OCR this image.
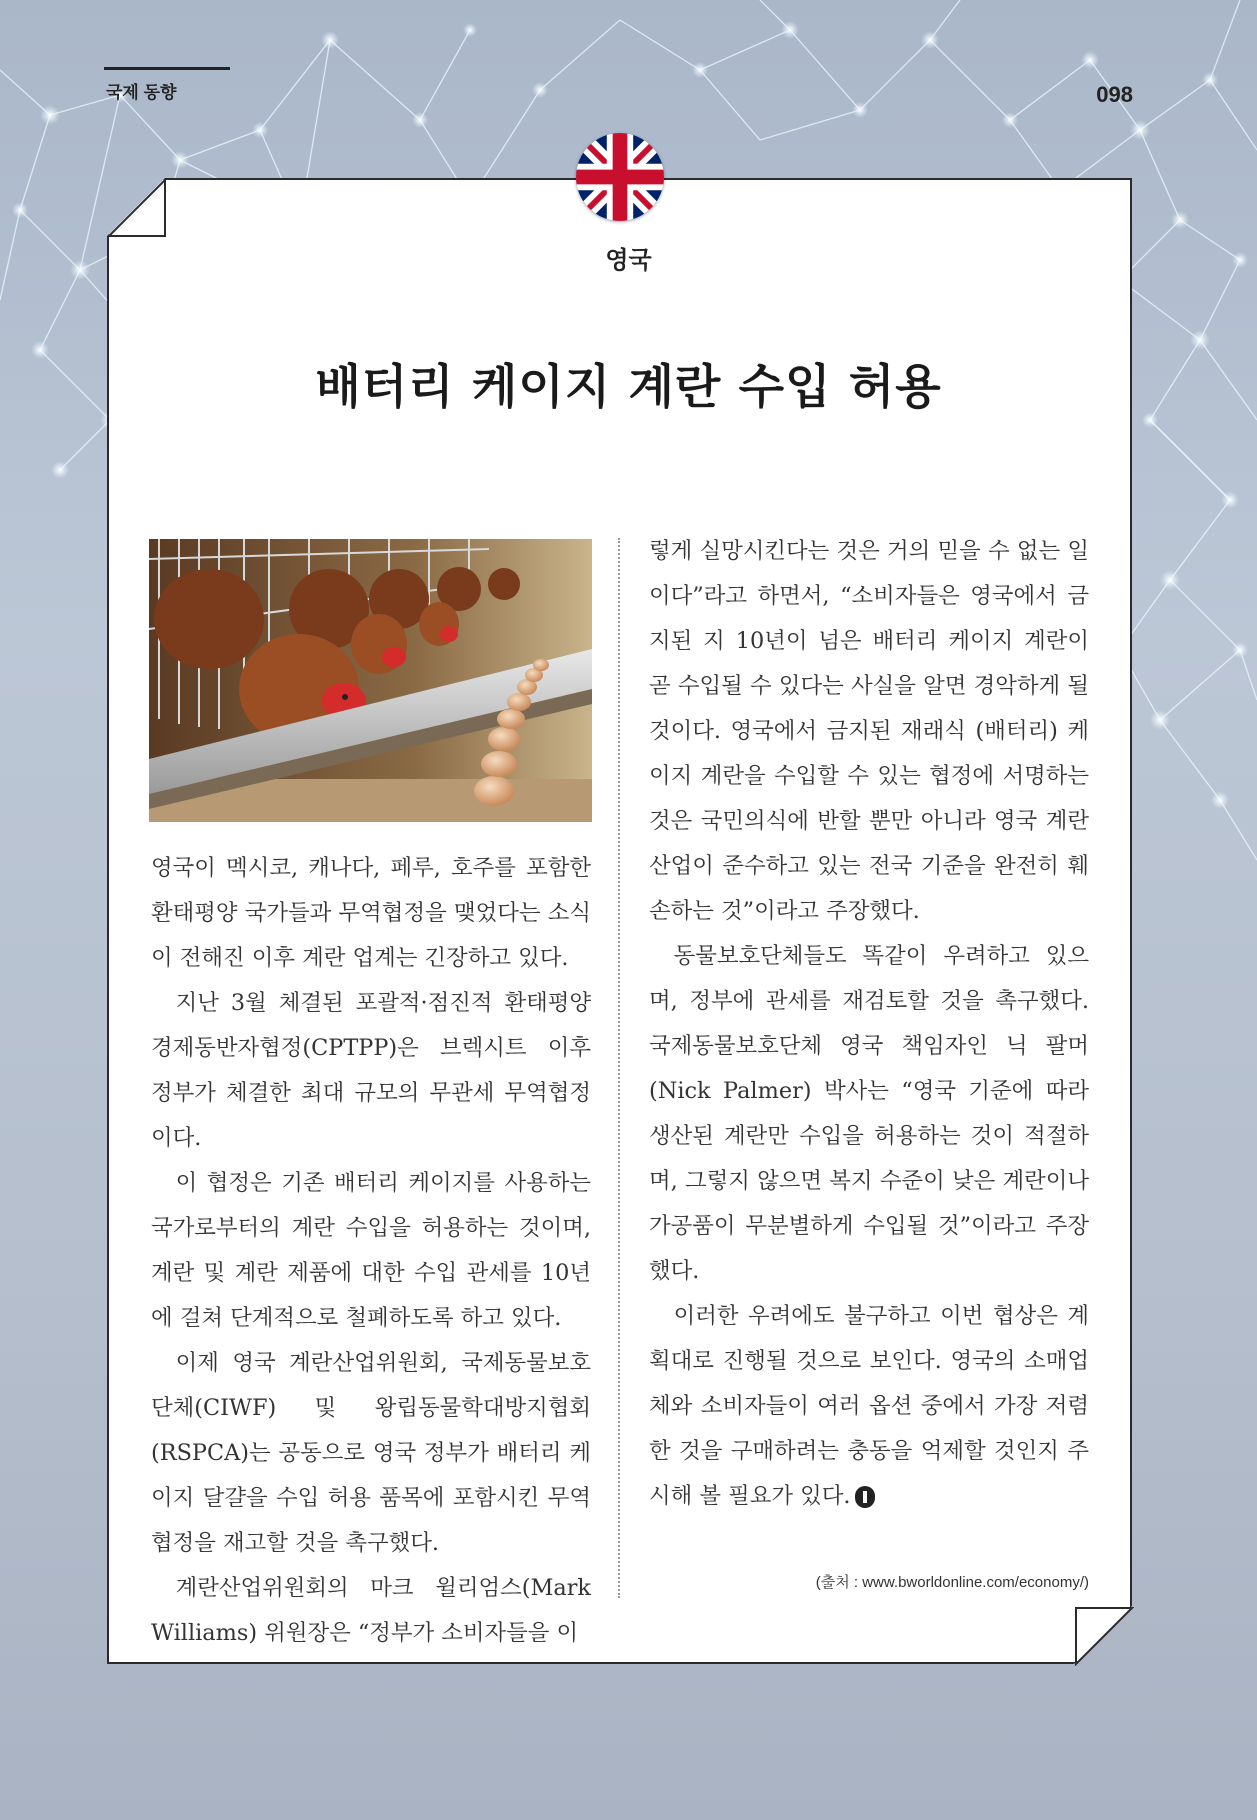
국제 동향	098
영국
배터리 케이지 계란 수입 허용

영국이 멕시코, 캐나다, 페루, 호주를 포함한 환태평양 국가들과 무역협정을 맺었다는 소식이 전해진 이후 계란 업계는 긴장하고 있다.

지난 3월 체결된 포괄적·점진적 환태평양경제동반자협정(CPTPP)은 브렉시트 이후 정부가 체결한 최대 규모의 무관세 무역협정이다.

이 협정은 기존 배터리 케이지를 사용하는 국가로부터의 계란 수입을 허용하는 것이며, 계란 및 계란 제품에 대한 수입 관세를 10년에 걸쳐 단계적으로 철폐하도록 하고 있다.

이제 영국 계란산업위원회, 국제동물보호단체(CIWF) 및 왕립동물학대방지협회(RSPCA)는 공동으로 영국 정부가 배터리 케이지 달걀을 수입 허용 품목에 포함시킨 무역협정을 재고할 것을 촉구했다.

계란산업위원회의 마크 윌리엄스(Mark Williams) 위원장은 “정부가 소비자들을 이

렇게 실망시킨다는 것은 거의 믿을 수 없는 일이다”라고 하면서, “소비자들은 영국에서 금지된 지 10년이 넘은 배터리 케이지 계란이 곧 수입될 수 있다는 사실을 알면 경악하게 될 것이다. 영국에서 금지된 재래식 (배터리) 케이지 계란을 수입할 수 있는 협정에 서명하는 것은 국민의식에 반할 뿐만 아니라 영국 계란 산업이 준수하고 있는 전국 기준을 완전히 훼손하는 것”이라고 주장했다.

동물보호단체들도 똑같이 우려하고 있으며, 정부에 관세를 재검토할 것을 촉구했다. 국제동물보호단체 영국 책임자인 닉 팔머(Nick Palmer) 박사는 “영국 기준에 따라 생산된 계란만 수입을 허용하는 것이 적절하며, 그렇지 않으면 복지 수준이 낮은 계란이나 가공품이 무분별하게 수입될 것”이라고 주장했다.

이러한 우려에도 불구하고 이번 협상은 계획대로 진행될 것으로 보인다. 영국의 소매업체와 소비자들이 여러 옵션 중에서 가장 저렴한 것을 구매하려는 충동을 억제할 것인지 주시해 볼 필요가 있다.

(출처 : www.bworldonline.com/economy/)
